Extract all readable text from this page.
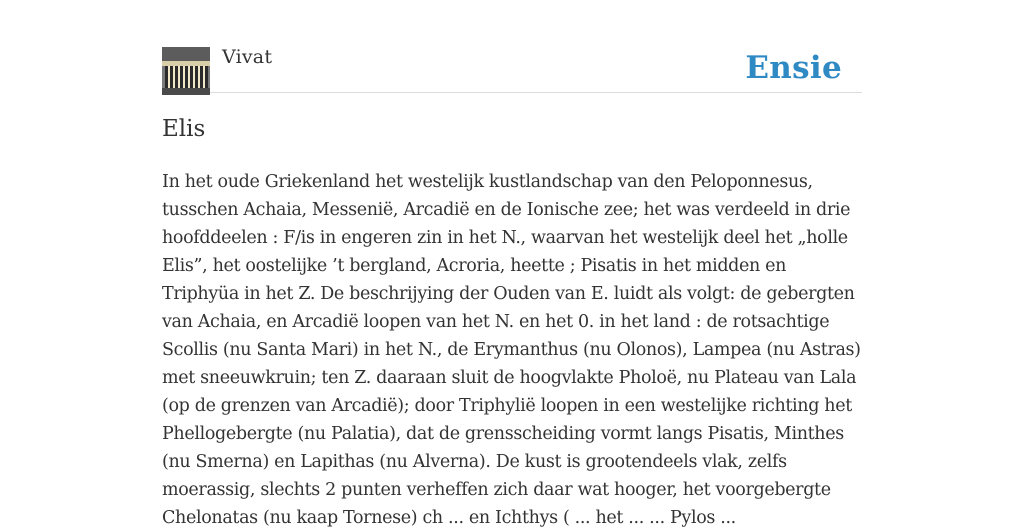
Vivat	Ensie
Elis
In het oude Griekenland het westelijk kustlandschap van den Peloponnesus,
tusschen Achaia, Messenië, Arcadië en de Ionische zee; het was verdeeld in drie
hoofddeelen : F/is in engeren zin in het N., waarvan het westelijk deel het „holle
Elis”, het oostelijke ’t bergland, Acroria, heette ; Pisatis in het midden en
Triphyüa in het Z. De beschrijying der Ouden van E. luidt als volgt: de gebergten
van Achaia, en Arcadië loopen van het N. en het 0. in het land : de rotsachtige
Scollis (nu Santa Mari) in het N., de Erymanthus (nu Olonos), Lampea (nu Astras)
met sneeuwkruin; ten Z. daaraan sluit de hoogvlakte Pholoë, nu Plateau van Lala
(op de grenzen van Arcadië); door Triphylië loopen in een westelijke richting het
Phellogebergte (nu Palatia), dat de grensscheiding vormt langs Pisatis, Minthes
(nu Smerna) en Lapithas (nu Alverna). De kust is grootendeels vlak, zelfs
moerassig, slechts 2 punten verheffen zich daar wat hooger, het voorgebergte
Chelonatas (nu kaap Tornese) ch ... en Ichthys ( ... het ... ... Pylos ...
